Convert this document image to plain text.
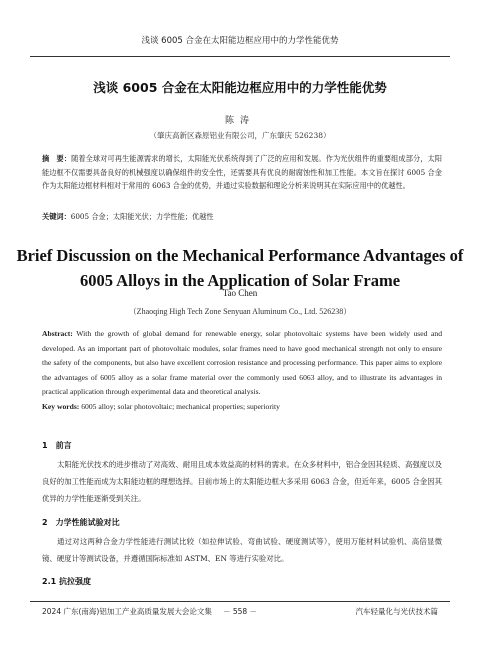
浅谈 6005 合金在太阳能边框应用中的力学性能优势
浅谈 6005 合金在太阳能边框应用中的力学性能优势
陈涛
（肇庆高新区森原铝业有限公司，广东肇庆 526238）
摘　要：随着全球对可再生能源需求的增长，太阳能光伏系统得到了广泛的应用和发展。作为光伏组件的重要组成部分，太阳能边框不仅需要具备良好的机械强度以确保组件的安全性，还需要具有优良的耐腐蚀性和加工性能。本文旨在探讨 6005 合金作为太阳能边框材料相对于常用的 6063 合金的优势，并通过实验数据和理论分析来说明其在实际应用中的优越性。
关键词：6005 合金；太阳能光伏；力学性能；优越性
Brief Discussion on the Mechanical Performance Advantages of 6005 Alloys in the Application of Solar Frame
Tao Chen
（Zhaoqing High Tech Zone Senyuan Aluminum Co., Ltd. 526238）
Abstract: With the growth of global demand for renewable energy, solar photovoltaic systems have been widely used and developed. As an important part of photovoltaic modules, solar frames need to have good mechanical strength not only to ensure the safety of the components, but also have excellent corrosion resistance and processing performance. This paper aims to explore the advantages of 6005 alloy as a solar frame material over the commonly used 6063 alloy, and to illustrate its advantages in practical application through experimental data and theoretical analysis.
Key words: 6005 alloy; solar photovoltaic; mechanical properties; superiority
1　前言
太阳能光伏技术的进步推动了对高效、耐用且成本效益高的材料的需求。在众多材料中，铝合金因其轻质、高强度以及良好的加工性能而成为太阳能边框的理想选择。目前市场上的太阳能边框大多采用 6063 合金，但近年来，6005 合金因其优异的力学性能逐渐受到关注。
2　力学性能试验对比
通过对这两种合金力学性能进行测试比较（如拉伸试验、弯曲试验、硬度测试等），使用万能材料试验机、高倍显微镜、硬度计等测试设备，并遵循国际标准如 ASTM、EN 等进行实验对比。
2.1 抗拉强度
2024 广东(南海)铝加工产业高质量发展大会论文集	－ 558 －	汽车轻量化与光伏技术篇
